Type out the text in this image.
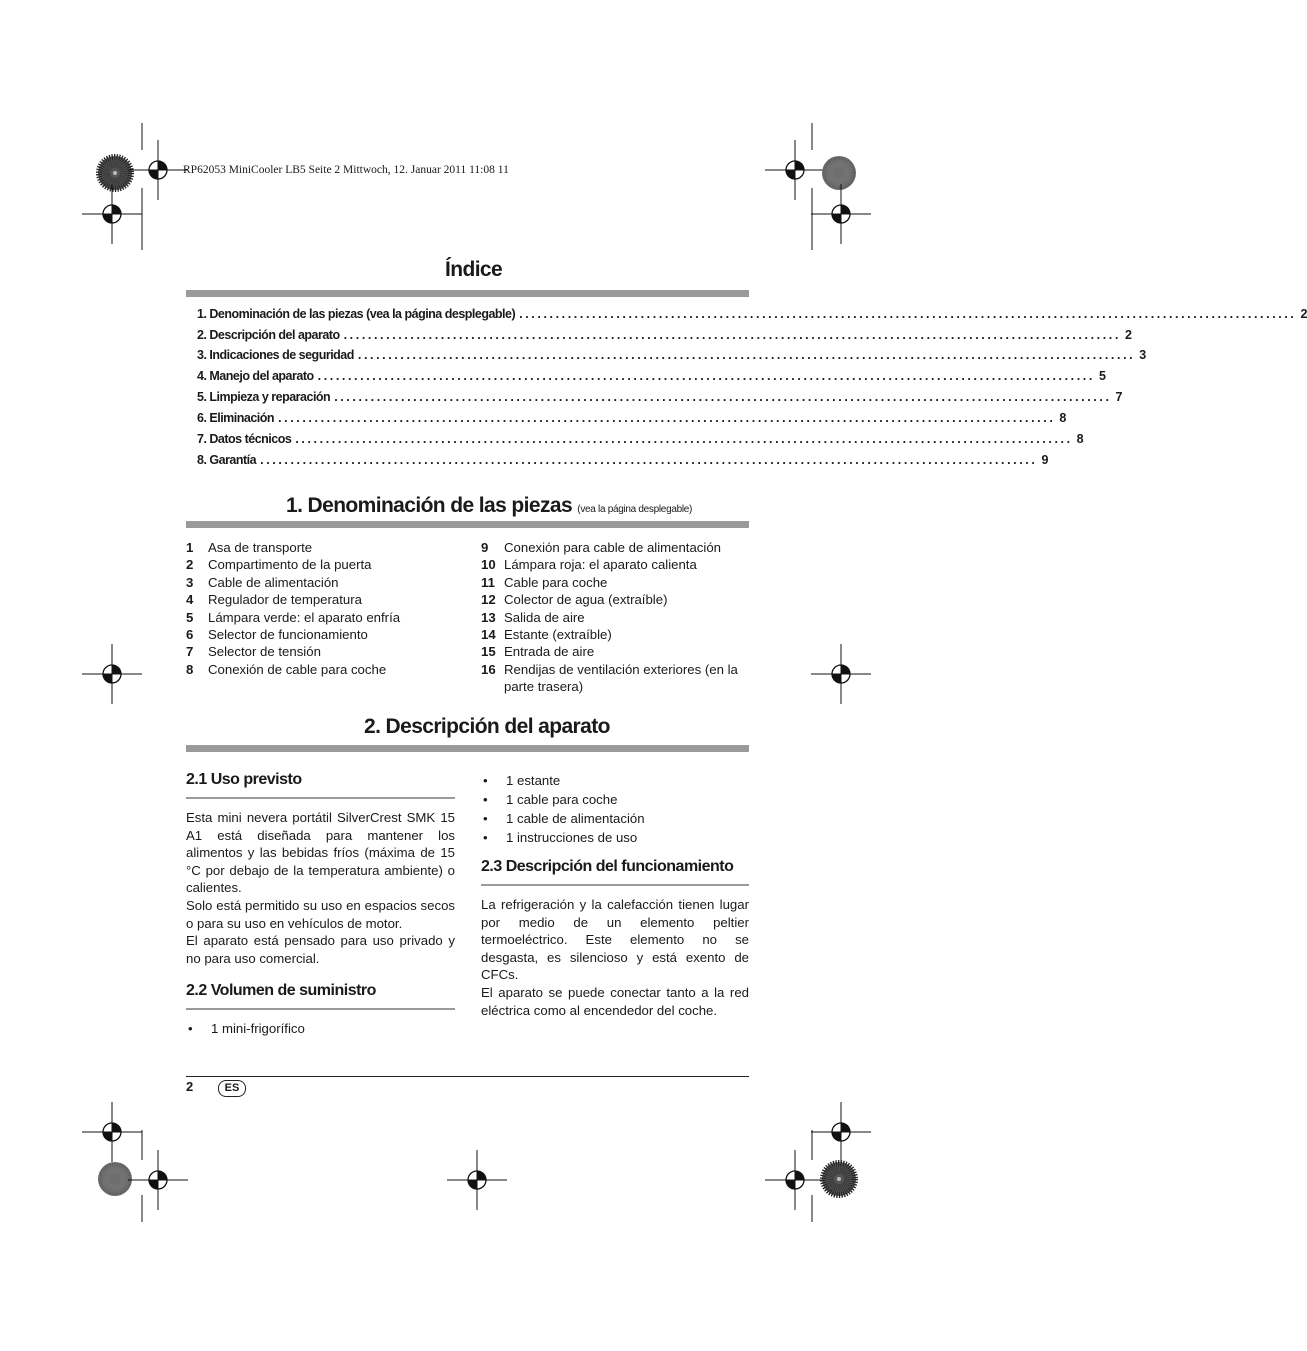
RP62053 MiniCooler LB5 Seite 2 Mittwoch, 12. Januar 2011 11:08 11
Índice
1. Denominación de las piezas (vea la página desplegable) ................................................................................................................................ 2
2. Descripción del aparato ................................................................................................................................ 2
3. Indicaciones de seguridad ................................................................................................................................ 3
4. Manejo del aparato ................................................................................................................................ 5
5. Limpieza y reparación ................................................................................................................................ 7
6. Eliminación ................................................................................................................................ 8
7. Datos técnicos ................................................................................................................................ 8
8. Garantía ................................................................................................................................ 9
1. Denominación de las piezas (vea la página desplegable)
1	Asa de transporte
2	Compartimento de la puerta
3	Cable de alimentación
4	Regulador de temperatura
5	Lámpara verde: el aparato enfría
6	Selector de funcionamiento
7	Selector de tensión
8	Conexión de cable para coche
9	Conexión para cable de alimentación
10 Lámpara roja: el aparato calienta
11 Cable para coche
12 Colector de agua (extraíble)
13 Salida de aire
14 Estante (extraíble)
15 Entrada de aire
16 Rendijas de ventilación exteriores (en la parte trasera)
2. Descripción del aparato
2.1 Uso previsto

Esta mini nevera portátil SilverCrest SMK 15 A1 está diseñada para mantener los alimentos y las bebidas fríos (máxima de 15 °C por debajo de la temperatura ambiente) o calientes.

Solo está permitido su uso en espacios secos o para su uso en vehículos de motor.

El aparato está pensado para uso privado y no para uso comercial.

2.2 Volumen de suministro
•	1 mini-frigorífico
•	1 estante
•	1 cable para coche
•	1 cable de alimentación
•	1 instrucciones de uso
2.3 Descripción del funcionamiento

La refrigeración y la calefacción tienen lugar por medio de un elemento peltier termoeléctrico. Este elemento no se desgasta, es silencioso y está exento de CFCs.

El aparato se puede conectar tanto a la red eléctrica como al encendedor del coche.

2	ES
